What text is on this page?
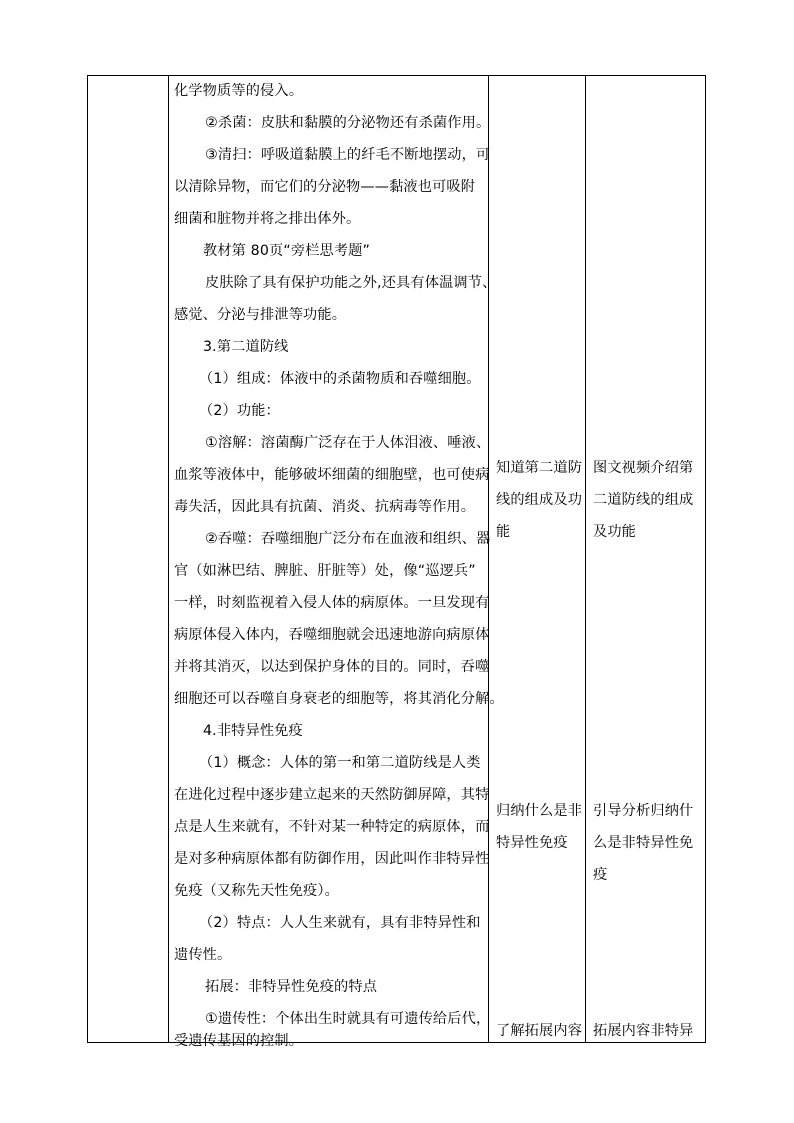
化学物质等的侵入。
②杀菌：皮肤和黏膜的分泌物还有杀菌作用。
③清扫：呼吸道黏膜上的纤毛不断地摆动，可
以清除异物，而它们的分泌物——黏液也可吸附
细菌和脏物并将之排出体外。
教材第 80页“旁栏思考题”
皮肤除了具有保护功能之外,还具有体温调节、
感觉、分泌与排泄等功能。
3.第二道防线
（1）组成：体液中的杀菌物质和吞噬细胞。
（2）功能：
①溶解：溶菌酶广泛存在于人体泪液、唾液、
血浆等液体中，能够破坏细菌的细胞壁，也可使病
毒失活，因此具有抗菌、消炎、抗病毒等作用。
②吞噬：吞噬细胞广泛分布在血液和组织、器
官（如淋巴结、脾脏、肝脏等）处，像“巡逻兵”
一样，时刻监视着入侵人体的病原体。一旦发现有
病原体侵入体内，吞噬细胞就会迅速地游向病原体
并将其消灭，以达到保护身体的目的。同时，吞噬
细胞还可以吞噬自身衰老的细胞等，将其消化分解。
4.非特异性免疫
（1）概念：人体的第一和第二道防线是人类
在进化过程中逐步建立起来的天然防御屏障，其特
点是人生来就有，不针对某一种特定的病原体，而
是对多种病原体都有防御作用，因此叫作非特异性
免疫（又称先天性免疫）。
（2）特点：人人生来就有，具有非特异性和
遗传性。
拓展：非特异性免疫的特点
①遗传性：个体出生时就具有可遗传给后代，
受遗传基因的控制。
知道第二道防
线的组成及功
能
归纳什么是非
特异性免疫
了解拓展内容
图文视频介绍第
二道防线的组成
及功能
引导分析归纳什
么是非特异性免
疫
拓展内容非特异
